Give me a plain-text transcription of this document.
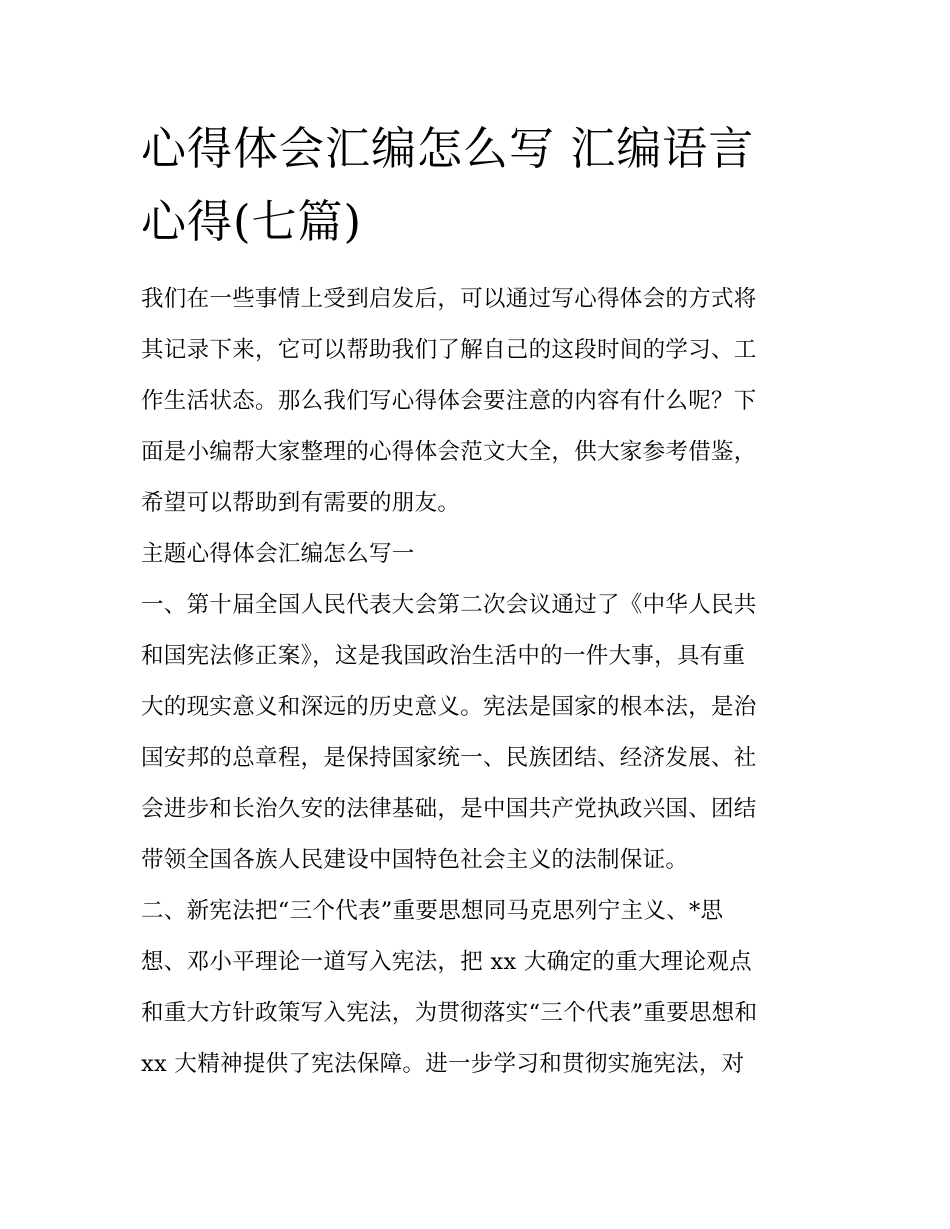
心得体会汇编怎么写 汇编语言
心得(七篇)
我们在一些事情上受到启发后，可以通过写心得体会的方式将
其记录下来，它可以帮助我们了解自己的这段时间的学习、工
作生活状态。那么我们写心得体会要注意的内容有什么呢？下
面是小编帮大家整理的心得体会范文大全，供大家参考借鉴，
希望可以帮助到有需要的朋友。
主题心得体会汇编怎么写一
一、第十届全国人民代表大会第二次会议通过了《中华人民共
和国宪法修正案》，这是我国政治生活中的一件大事，具有重
大的现实意义和深远的历史意义。宪法是国家的根本法，是治
国安邦的总章程，是保持国家统一、民族团结、经济发展、社
会进步和长治久安的法律基础，是中国共产党执政兴国、团结
带领全国各族人民建设中国特色社会主义的法制保证。
二、新宪法把“三个代表”重要思想同马克思列宁主义、*思
想、邓小平理论一道写入宪法，把 xx 大确定的重大理论观点
和重大方针政策写入宪法，为贯彻落实“三个代表”重要思想和
xx 大精神提供了宪法保障。进一步学习和贯彻实施宪法，对
